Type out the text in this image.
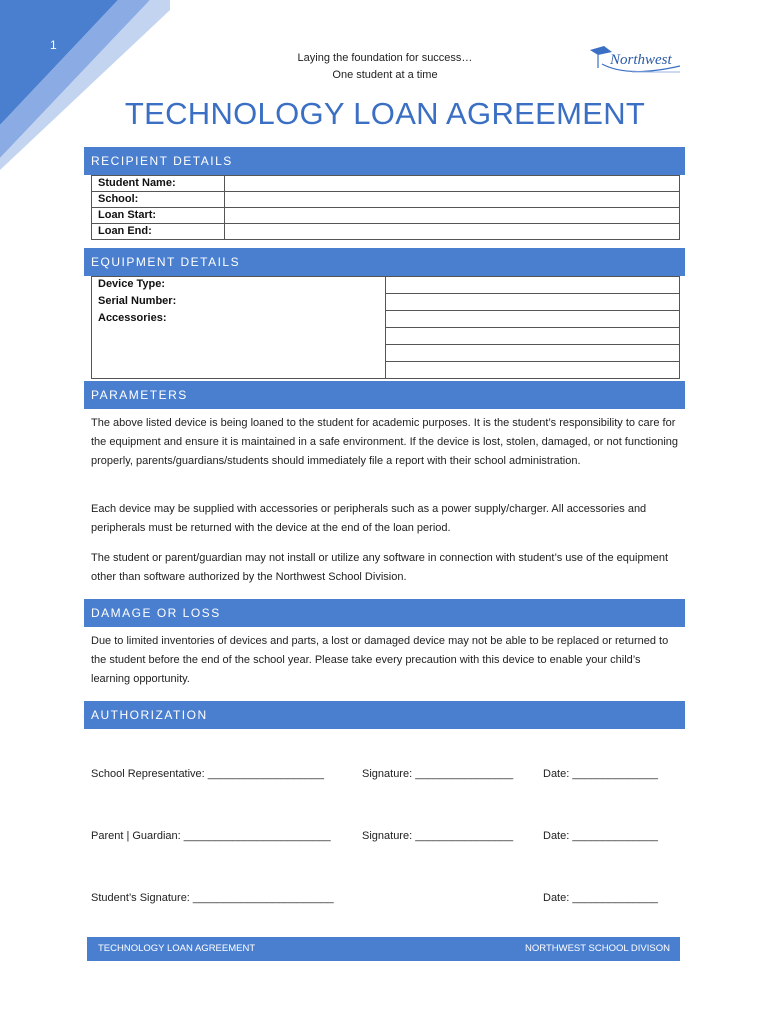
1
Laying the foundation for success…
One student at a time
Northwest
TECHNOLOGY LOAN AGREEMENT
RECIPIENT DETAILS
Student Name:	
School:	
Loan Start:	
Loan End:	
EQUIPMENT DETAILS
Device Type:	
Serial Number:	
Accessories:	

PARAMETERS
The above listed device is being loaned to the student for academic purposes. It is the student’s responsibility to care for the equipment and ensure it is maintained in a safe environment. If the device is lost, stolen, damaged, or not functioning properly, parents/guardians/students should immediately file a report with their school administration.
Each device may be supplied with accessories or peripherals such as a power supply/charger. All accessories and peripherals must be returned with the device at the end of the loan period.
The student or parent/guardian may not install or utilize any software in connection with student’s use of the equipment other than software authorized by the Northwest School Division.
DAMAGE OR LOSS
Due to limited inventories of devices and parts, a lost or damaged device may not be able to be replaced or returned to the student before the end of the school year. Please take every precaution with this device to enable your child’s learning opportunity.
AUTHORIZATION
School Representative: ___________________	Signature: ________________	Date: ______________
Parent | Guardian: ________________________	Signature: ________________	Date: ______________
Student’s Signature: _______________________	Date: ______________
TECHNOLOGY LOAN AGREEMENT	NORTHWEST SCHOOL DIVISON
